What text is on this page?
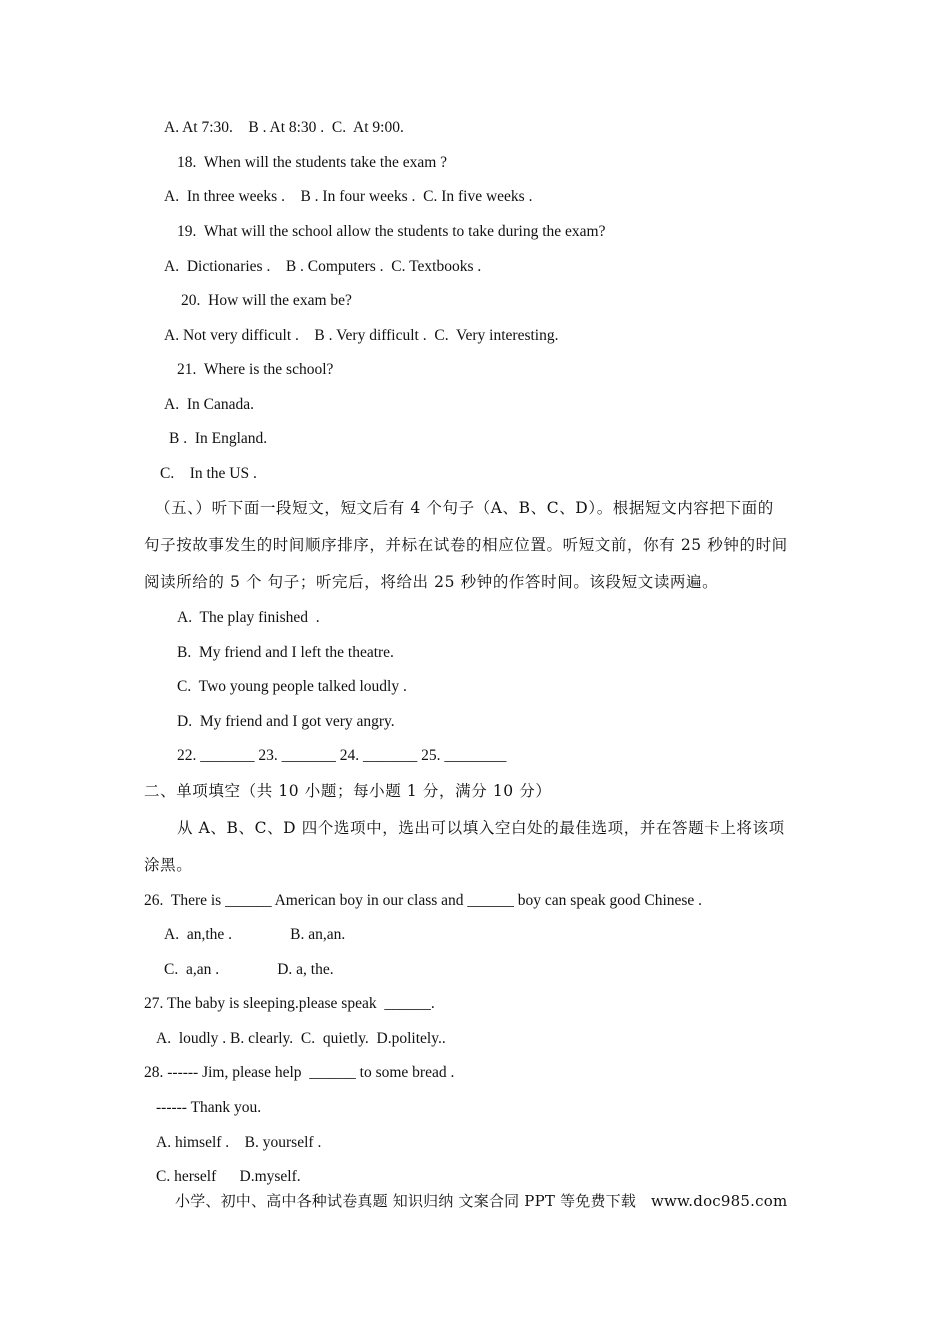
A. At 7:30.    B . At 8:30 .  C.  At 9:00.
18.  When will the students take the exam ?
A.  In three weeks .    B . In four weeks .  C. In five weeks .
19.  What will the school allow the students to take during the exam?
A.  Dictionaries .    B . Computers .  C. Textbooks .
20.  How will the exam be?
A. Not very difficult .    B . Very difficult .  C.  Very interesting.
21.  Where is the school?
A.  In Canada.
B .  In England.
C.    In the US .
（五、）听下面一段短文，短文后有 4 个句子（A、B、C、D）。根据短文内容把下面的
句子按故事发生的时间顺序排序，并标在试卷的相应位置。听短文前，你有 25 秒钟的时间
阅读所给的 5 个 句子；听完后，将给出 25 秒钟的作答时间。该段短文读两遍。
A.  The play finished  .
B.  My friend and I left the theatre.
C.  Two young people talked loudly .
D.  My friend and I got very angry.
22. _______ 23. _______ 24. _______ 25. ________
二、单项填空（共 10 小题；每小题 1 分，满分 10 分）
从 A、B、C、D 四个选项中，选出可以填入空白处的最佳选项，并在答题卡上将该项
涂黑。
26.  There is ______ American boy in our class and ______ boy can speak good Chinese .
A.  an,the .               B. an,an.
C.  a,an .               D. a, the.
27. The baby is sleeping.please speak  ______.
A.  loudly . B. clearly.  C.  quietly.  D.politely..
28. ------ Jim, please help  ______ to some bread .
------ Thank you.
A. himself .    B. yourself .
C. herself      D.myself.
小学、初中、高中各种试卷真题 知识归纳 文案合同 PPT 等免费下载   www.doc985.com
